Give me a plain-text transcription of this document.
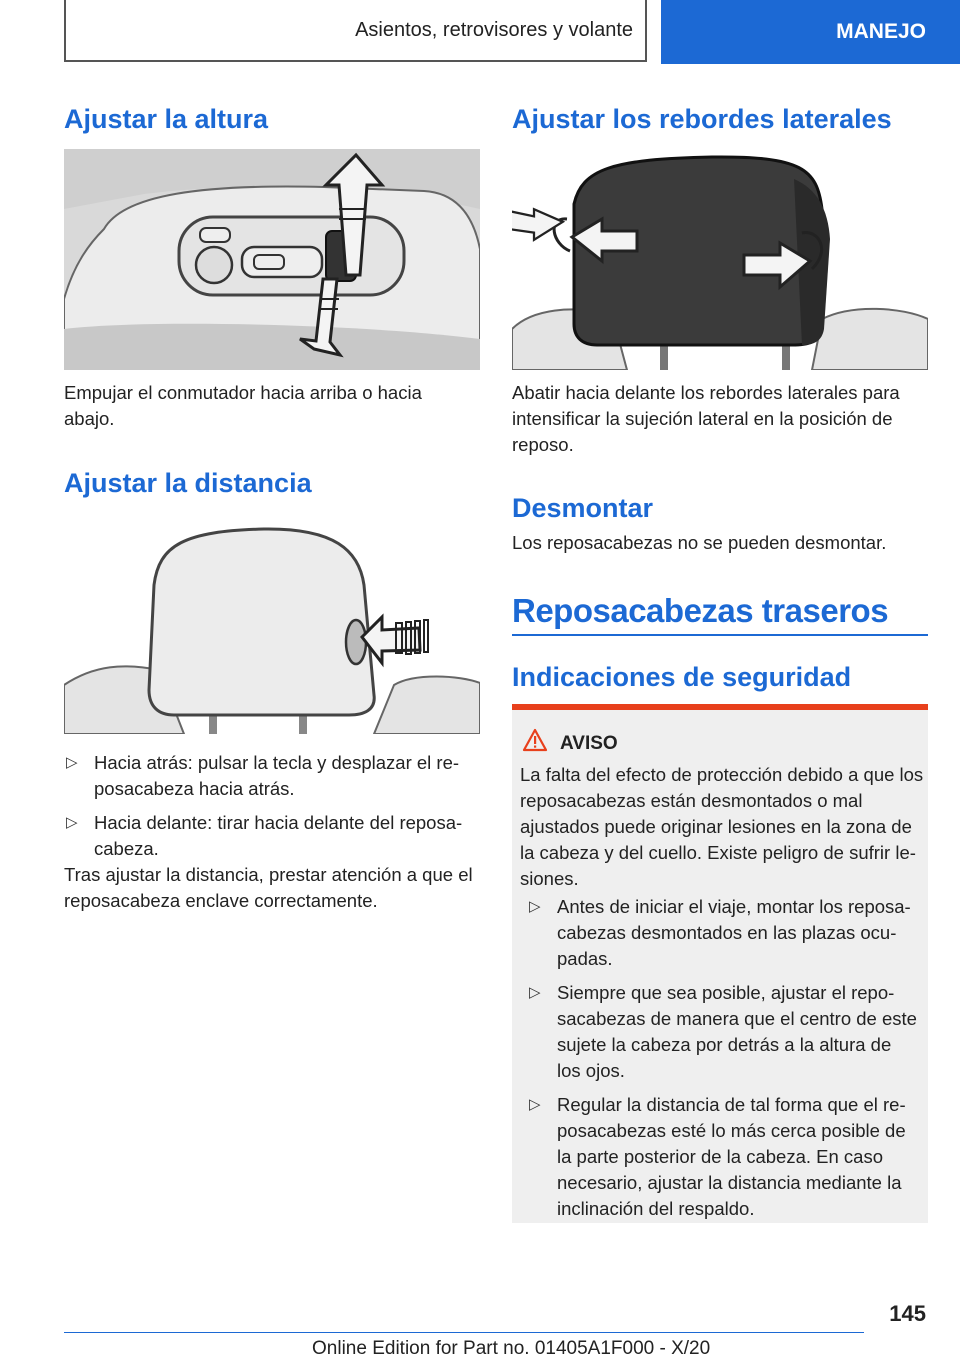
Asientos, retrovisores y volante	MANEJO
Ajustar la altura

Empujar el conmutador hacia arriba o hacia abajo.

Ajustar la distancia
▷ Hacia atrás: pulsar la tecla y desplazar el re-posacabeza hacia atrás.
▷ Hacia delante: tirar hacia delante del reposa-cabeza.

Tras ajustar la distancia, prestar atención a que el reposacabeza enclave correctamente.

Ajustar los rebordes laterales

Abatir hacia delante los rebordes laterales para intensificar la sujeción lateral en la posición de reposo.

Desmontar

Los reposacabezas no se pueden desmontar.

Reposacabezas traseros
Indicaciones de seguridad
AVISO

La falta del efecto de protección debido a que los reposacabezas están desmontados o mal ajustados puede originar lesiones en la zona de la cabeza y del cuello. Existe peligro de sufrir le-siones.

▷ Antes de iniciar el viaje, montar los reposa-cabezas desmontados en las plazas ocu-padas.
▷ Siempre que sea posible, ajustar el repo-sacabezas de manera que el centro de este sujete la cabeza por detrás a la altura de los ojos.
▷ Regular la distancia de tal forma que el re-posacabezas esté lo más cerca posible de la parte posterior de la cabeza. En caso necesario, ajustar la distancia mediante la inclinación del respaldo.
145
Online Edition for Part no. 01405A1F000 - X/20
